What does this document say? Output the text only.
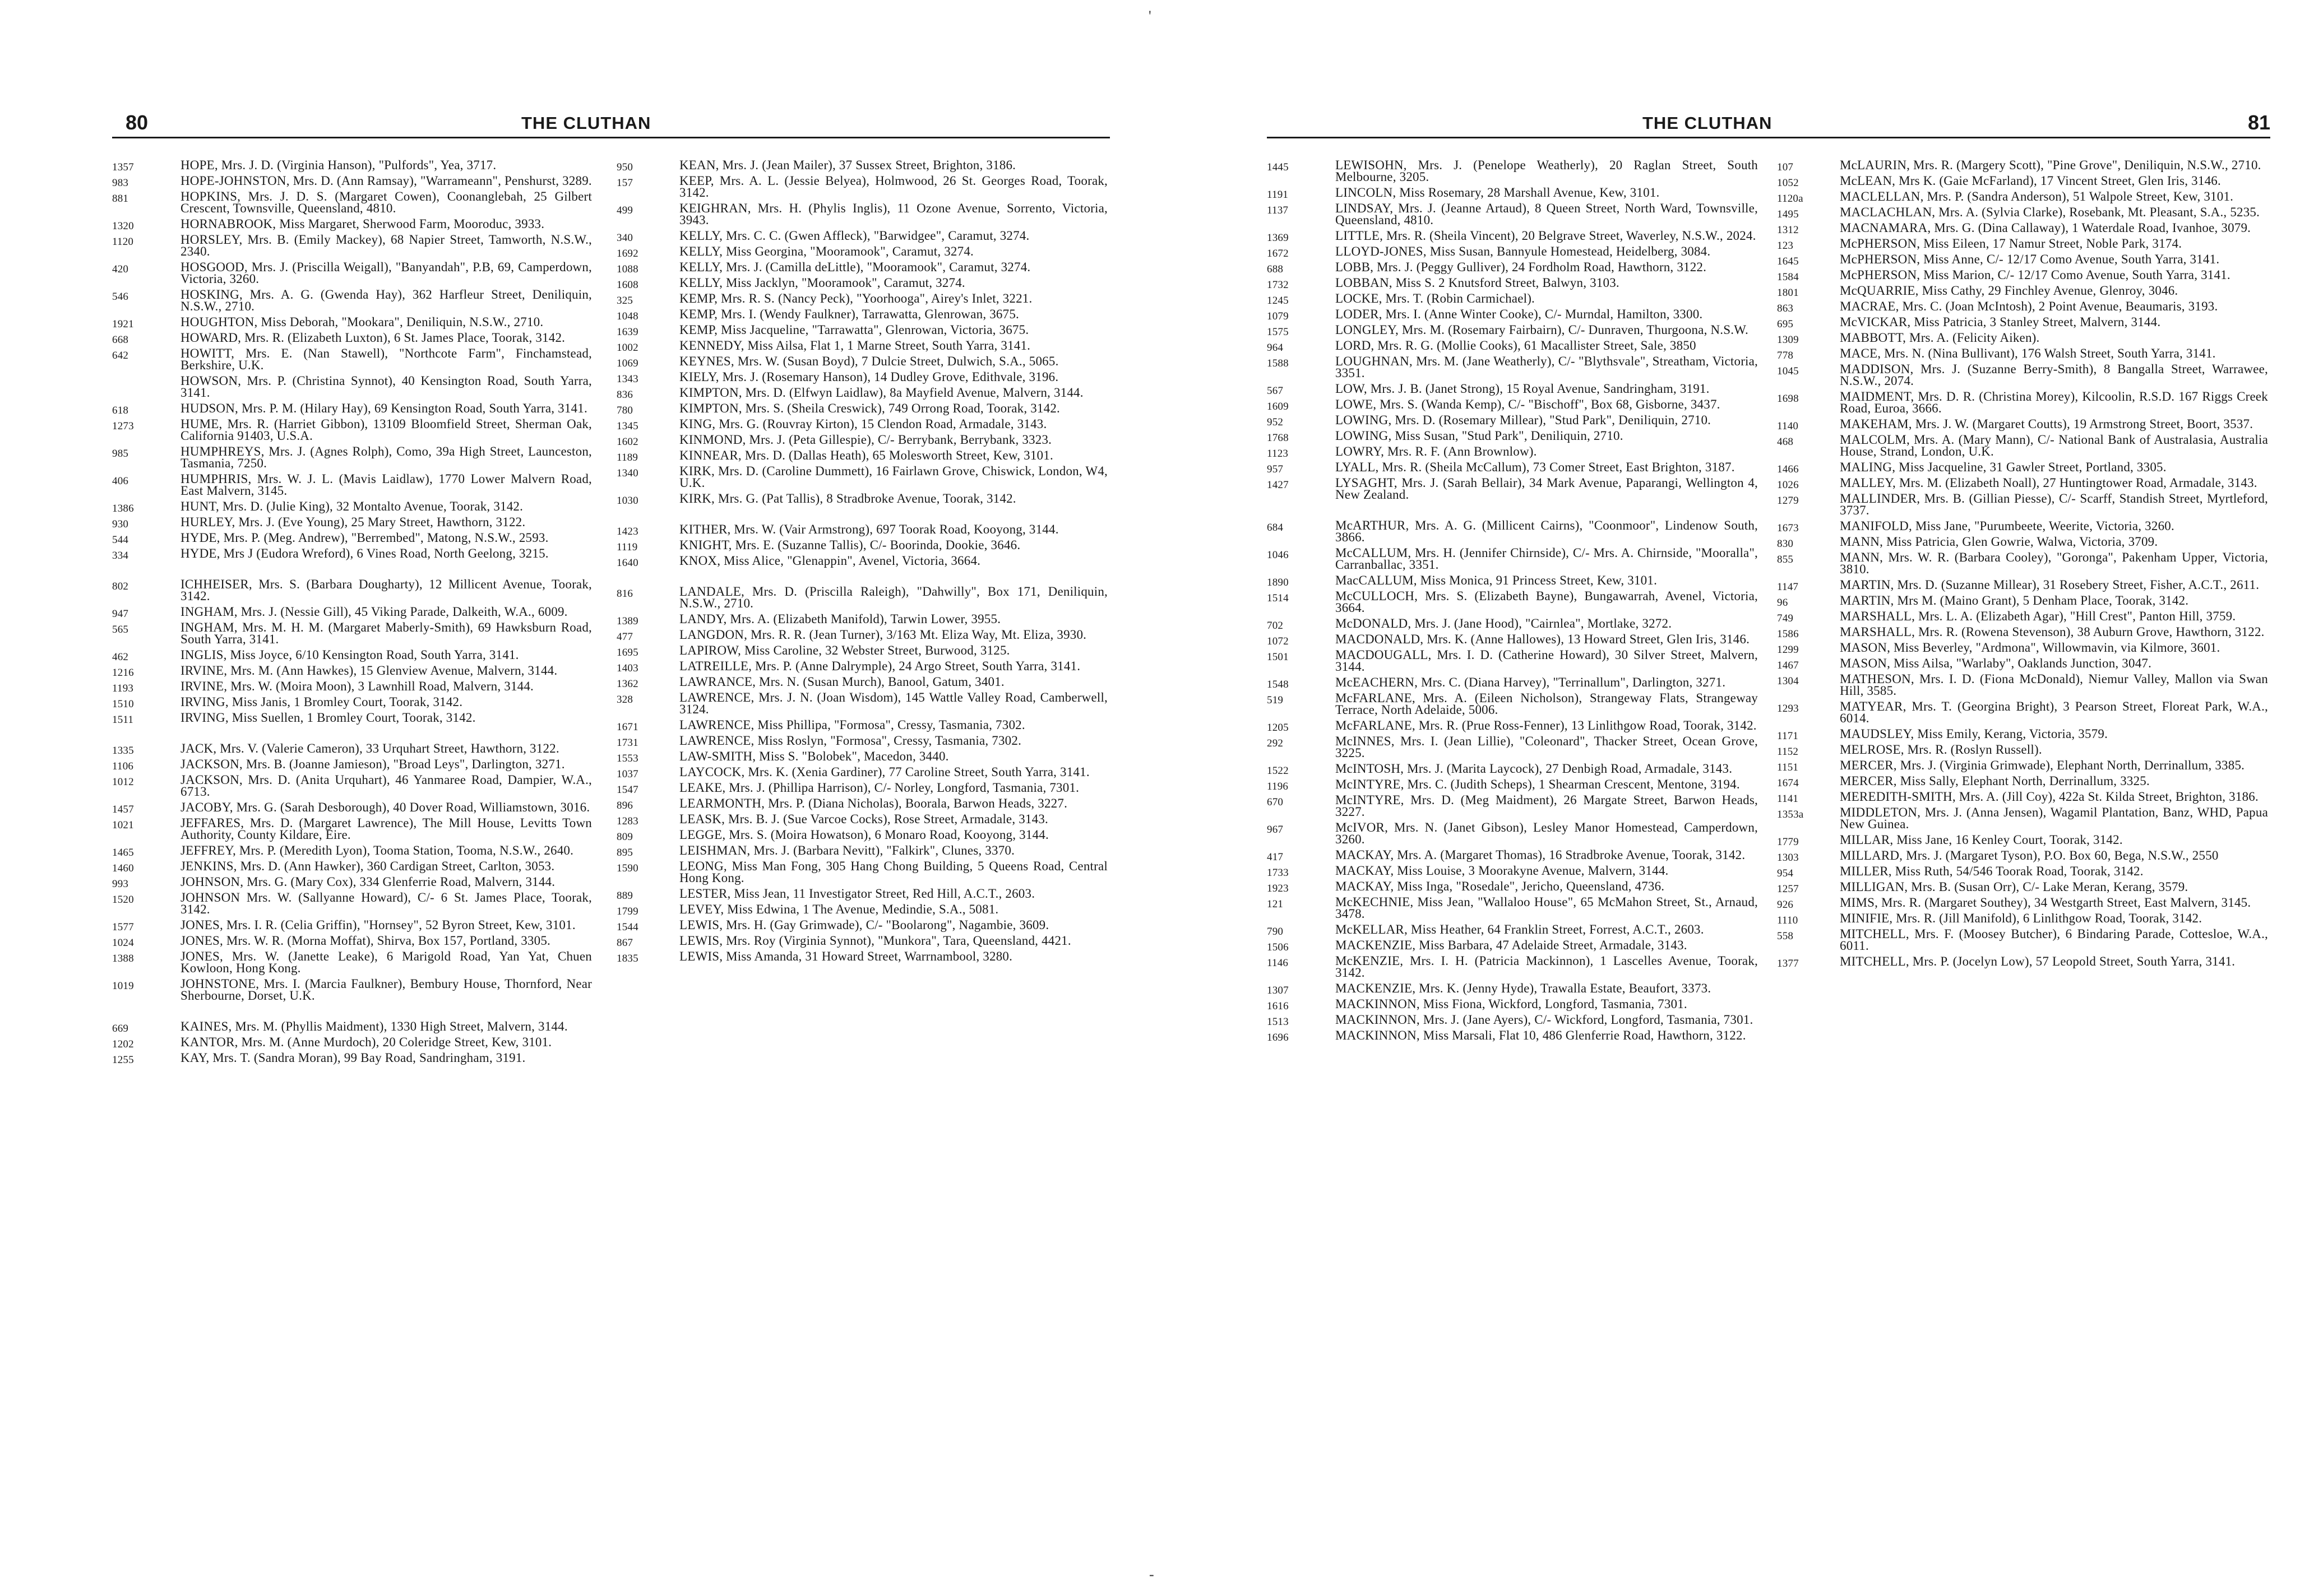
'
-
80	THE CLUTHAN
1357	HOPE, Mrs. J. D. (Virginia Hanson), "Pulfords", Yea, 3717.
983	HOPE-JOHNSTON, Mrs. D. (Ann Ramsay), "Warrameann", Penshurst, 3289.
881	HOPKINS, Mrs. J. D. S. (Margaret Cowen), Coonanglebah, 25 Gilbert Crescent, Townsville, Queensland, 4810.
1320	HORNABROOK, Miss Margaret, Sherwood Farm, Mooroduc, 3933.
1120	HORSLEY, Mrs. B. (Emily Mackey), 68 Napier Street, Tamworth, N.S.W., 2340.
420	HOSGOOD, Mrs. J. (Priscilla Weigall), "Banyandah", P.B, 69, Camperdown, Victoria, 3260.
546	HOSKING, Mrs. A. G. (Gwenda Hay), 362 Harfleur Street, Deniliquin, N.S.W., 2710.
1921	HOUGHTON, Miss Deborah, "Mookara", Deniliquin, N.S.W., 2710.
668	HOWARD, Mrs. R. (Elizabeth Luxton), 6 St. James Place, Toorak, 3142.
642	HOWITT, Mrs. E. (Nan Stawell), "Northcote Farm", Finchamstead, Berkshire, U.K.
HOWSON, Mrs. P. (Christina Synnot), 40 Kensington Road, South Yarra, 3141.
618	HUDSON, Mrs. P. M. (Hilary Hay), 69 Kensington Road, South Yarra, 3141.
1273	HUME, Mrs. R. (Harriet Gibbon), 13109 Bloomfield Street, Sherman Oak, California 91403, U.S.A.
985	HUMPHREYS, Mrs. J. (Agnes Rolph), Como, 39a High Street, Launceston, Tasmania, 7250.
406	HUMPHRIS, Mrs. W. J. L. (Mavis Laidlaw), 1770 Lower Malvern Road, East Malvern, 3145.
1386	HUNT, Mrs. D. (Julie King), 32 Montalto Avenue, Toorak, 3142.
930	HURLEY, Mrs. J. (Eve Young), 25 Mary Street, Hawthorn, 3122.
544	HYDE, Mrs. P. (Meg. Andrew), "Berrembed", Matong, N.S.W., 2593.
334	HYDE, Mrs J (Eudora Wreford), 6 Vines Road, North Geelong, 3215.
802	ICHHEISER, Mrs. S. (Barbara Dougharty), 12 Millicent Avenue, Toorak, 3142.
947	INGHAM, Mrs. J. (Nessie Gill), 45 Viking Parade, Dalkeith, W.A., 6009.
565	INGHAM, Mrs. M. H. M. (Margaret Maberly-Smith), 69 Hawksburn Road, South Yarra, 3141.
462	INGLIS, Miss Joyce, 6/10 Kensington Road, South Yarra, 3141.
1216	IRVINE, Mrs. M. (Ann Hawkes), 15 Glenview Avenue, Malvern, 3144.
1193	IRVINE, Mrs. W. (Moira Moon), 3 Lawnhill Road, Malvern, 3144.
1510	IRVING, Miss Janis, 1 Bromley Court, Toorak, 3142.
1511	IRVING, Miss Suellen, 1 Bromley Court, Toorak, 3142.
1335	JACK, Mrs. V. (Valerie Cameron), 33 Urquhart Street, Hawthorn, 3122.
1106	JACKSON, Mrs. B. (Joanne Jamieson), "Broad Leys", Darlington, 3271.
1012	JACKSON, Mrs. D. (Anita Urquhart), 46 Yanmaree Road, Dampier, W.A., 6713.
1457	JACOBY, Mrs. G. (Sarah Desborough), 40 Dover Road, Williamstown, 3016.
1021	JEFFARES, Mrs. D. (Margaret Lawrence), The Mill House, Levitts Town Authority, County Kildare, Eire.
1465	JEFFREY, Mrs. P. (Meredith Lyon), Tooma Station, Tooma, N.S.W., 2640.
1460	JENKINS, Mrs. D. (Ann Hawker), 360 Cardigan Street, Carlton, 3053.
993	JOHNSON, Mrs. G. (Mary Cox), 334 Glenferrie Road, Malvern, 3144.
1520	JOHNSON Mrs. W. (Sallyanne Howard), C/- 6 St. James Place, Toorak, 3142.
1577	JONES, Mrs. I. R. (Celia Griffin), "Hornsey", 52 Byron Street, Kew, 3101.
1024	JONES, Mrs. W. R. (Morna Moffat), Shirva, Box 157, Portland, 3305.
1388	JONES, Mrs. W. (Janette Leake), 6 Marigold Road, Yan Yat, Chuen Kowloon, Hong Kong.
1019	JOHNSTONE, Mrs. I. (Marcia Faulkner), Bembury House, Thornford, Near Sherbourne, Dorset, U.K.
669	KAINES, Mrs. M. (Phyllis Maidment), 1330 High Street, Malvern, 3144.
1202	KANTOR, Mrs. M. (Anne Murdoch), 20 Coleridge Street, Kew, 3101.
1255	KAY, Mrs. T. (Sandra Moran), 99 Bay Road, Sandringham, 3191.
950	KEAN, Mrs. J. (Jean Mailer), 37 Sussex Street, Brighton, 3186.
157	KEEP, Mrs. A. L. (Jessie Belyea), Holmwood, 26 St. Georges Road, Toorak, 3142.
499	KEIGHRAN, Mrs. H. (Phylis Inglis), 11 Ozone Avenue, Sorrento, Victoria, 3943.
340	KELLY, Mrs. C. C. (Gwen Affleck), "Barwidgee", Caramut, 3274.
1692	KELLY, Miss Georgina, "Mooramook", Caramut, 3274.
1088	KELLY, Mrs. J. (Camilla deLittle), "Mooramook", Caramut, 3274.
1608	KELLY, Miss Jacklyn, "Mooramook", Caramut, 3274.
325	KEMP, Mrs. R. S. (Nancy Peck), "Yoorhooga", Airey's Inlet, 3221.
1048	KEMP, Mrs. I. (Wendy Faulkner), Tarrawatta, Glenrowan, 3675.
1639	KEMP, Miss Jacqueline, "Tarrawatta", Glenrowan, Victoria, 3675.
1002	KENNEDY, Miss Ailsa, Flat 1, 1 Marne Street, South Yarra, 3141.
1069	KEYNES, Mrs. W. (Susan Boyd), 7 Dulcie Street, Dulwich, S.A., 5065.
1343	KIELY, Mrs. J. (Rosemary Hanson), 14 Dudley Grove, Edithvale, 3196.
836	KIMPTON, Mrs. D. (Elfwyn Laidlaw), 8a Mayfield Avenue, Malvern, 3144.
780	KIMPTON, Mrs. S. (Sheila Creswick), 749 Orrong Road, Toorak, 3142.
1345	KING, Mrs. G. (Rouvray Kirton), 15 Clendon Road, Armadale, 3143.
1602	KINMOND, Mrs. J. (Peta Gillespie), C/- Berrybank, Berrybank, 3323.
1189	KINNEAR, Mrs. D. (Dallas Heath), 65 Molesworth Street, Kew, 3101.
1340	KIRK, Mrs. D. (Caroline Dummett), 16 Fairlawn Grove, Chiswick, London, W4, U.K.
1030	KIRK, Mrs. G. (Pat Tallis), 8 Stradbroke Avenue, Toorak, 3142.
1423	KITHER, Mrs. W. (Vair Armstrong), 697 Toorak Road, Kooyong, 3144.
1119	KNIGHT, Mrs. E. (Suzanne Tallis), C/- Boorinda, Dookie, 3646.
1640	KNOX, Miss Alice, "Glenappin", Avenel, Victoria, 3664.
816	LANDALE, Mrs. D. (Priscilla Raleigh), "Dahwilly", Box 171, Deniliquin, N.S.W., 2710.
1389	LANDY, Mrs. A. (Elizabeth Manifold), Tarwin Lower, 3955.
477	LANGDON, Mrs. R. R. (Jean Turner), 3/163 Mt. Eliza Way, Mt. Eliza, 3930.
1695	LAPIROW, Miss Caroline, 32 Webster Street, Burwood, 3125.
1403	LATREILLE, Mrs. P. (Anne Dalrymple), 24 Argo Street, South Yarra, 3141.
1362	LAWRANCE, Mrs. N. (Susan Murch), Banool, Gatum, 3401.
328	LAWRENCE, Mrs. J. N. (Joan Wisdom), 145 Wattle Valley Road, Camberwell, 3124.
1671	LAWRENCE, Miss Phillipa, "Formosa", Cressy, Tasmania, 7302.
1731	LAWRENCE, Miss Roslyn, "Formosa", Cressy, Tasmania, 7302.
1553	LAW-SMITH, Miss S. "Bolobek", Macedon, 3440.
1037	LAYCOCK, Mrs. K. (Xenia Gardiner), 77 Caroline Street, South Yarra, 3141.
1547	LEAKE, Mrs. J. (Phillipa Harrison), C/- Norley, Longford, Tasmania, 7301.
896	LEARMONTH, Mrs. P. (Diana Nicholas), Boorala, Barwon Heads, 3227.
1283	LEASK, Mrs. B. J. (Sue Varcoe Cocks), Rose Street, Armadale, 3143.
809	LEGGE, Mrs. S. (Moira Howatson), 6 Monaro Road, Kooyong, 3144.
895	LEISHMAN, Mrs. J. (Barbara Nevitt), "Falkirk", Clunes, 3370.
1590	LEONG, Miss Man Fong, 305 Hang Chong Building, 5 Queens Road, Central Hong Kong.
889	LESTER, Miss Jean, 11 Investigator Street, Red Hill, A.C.T., 2603.
1799	LEVEY, Miss Edwina, 1 The Avenue, Medindie, S.A., 5081.
1544	LEWIS, Mrs. H. (Gay Grimwade), C/- "Boolarong", Nagambie, 3609.
867	LEWIS, Mrs. Roy (Virginia Synnot), "Munkora", Tara, Queensland, 4421.
1835	LEWIS, Miss Amanda, 31 Howard Street, Warrnambool, 3280.
THE CLUTHAN	81
1445	LEWISOHN, Mrs. J. (Penelope Weatherly), 20 Raglan Street, South Melbourne, 3205.
1191	LINCOLN, Miss Rosemary, 28 Marshall Avenue, Kew, 3101.
1137	LINDSAY, Mrs. J. (Jeanne Artaud), 8 Queen Street, North Ward, Townsville, Queensland, 4810.
1369	LITTLE, Mrs. R. (Sheila Vincent), 20 Belgrave Street, Waverley, N.S.W., 2024.
1672	LLOYD-JONES, Miss Susan, Bannyule Homestead, Heidelberg, 3084.
688	LOBB, Mrs. J. (Peggy Gulliver), 24 Fordholm Road, Hawthorn, 3122.
1732	LOBBAN, Miss S. 2 Knutsford Street, Balwyn, 3103.
1245	LOCKE, Mrs. T. (Robin Carmichael).
1079	LODER, Mrs. I. (Anne Winter Cooke), C/- Murndal, Hamilton, 3300.
1575	LONGLEY, Mrs. M. (Rosemary Fairbairn), C/- Dunraven, Thurgoona, N.S.W.
964	LORD, Mrs. R. G. (Mollie Cooks), 61 Macallister Street, Sale, 3850
1588	LOUGHNAN, Mrs. M. (Jane Weatherly), C/- "Blythsvale", Streatham, Victoria, 3351.
567	LOW, Mrs. J. B. (Janet Strong), 15 Royal Avenue, Sandringham, 3191.
1609	LOWE, Mrs. S. (Wanda Kemp), C/- "Bischoff", Box 68, Gisborne, 3437.
952	LOWING, Mrs. D. (Rosemary Millear), "Stud Park", Deniliquin, 2710.
1768	LOWING, Miss Susan, "Stud Park", Deniliquin, 2710.
1123	LOWRY, Mrs. R. F. (Ann Brownlow).
957	LYALL, Mrs. R. (Sheila McCallum), 73 Comer Street, East Brighton, 3187.
1427	LYSAGHT, Mrs. J. (Sarah Bellair), 34 Mark Avenue, Paparangi, Wellington 4, New Zealand.
684	McARTHUR, Mrs. A. G. (Millicent Cairns), "Coonmoor", Lindenow South, 3866.
1046	McCALLUM, Mrs. H. (Jennifer Chirnside), C/- Mrs. A. Chirnside, "Mooralla", Carranballac, 3351.
1890	MacCALLUM, Miss Monica, 91 Princess Street, Kew, 3101.
1514	McCULLOCH, Mrs. S. (Elizabeth Bayne), Bungawarrah, Avenel, Victoria, 3664.
702	McDONALD, Mrs. J. (Jane Hood), "Cairnlea", Mortlake, 3272.
1072	MACDONALD, Mrs. K. (Anne Hallowes), 13 Howard Street, Glen Iris, 3146.
1501	MACDOUGALL, Mrs. I. D. (Catherine Howard), 30 Silver Street, Malvern, 3144.
1548	McEACHERN, Mrs. C. (Diana Harvey), "Terrinallum", Darlington, 3271.
519	McFARLANE, Mrs. A. (Eileen Nicholson), Strangeway Flats, Strangeway Terrace, North Adelaide, 5006.
1205	McFARLANE, Mrs. R. (Prue Ross-Fenner), 13 Linlithgow Road, Toorak, 3142.
292	McINNES, Mrs. I. (Jean Lillie), "Coleonard", Thacker Street, Ocean Grove, 3225.
1522	McINTOSH, Mrs. J. (Marita Laycock), 27 Denbigh Road, Armadale, 3143.
1196	McINTYRE, Mrs. C. (Judith Scheps), 1 Shearman Crescent, Mentone, 3194.
670	McINTYRE, Mrs. D. (Meg Maidment), 26 Margate Street, Barwon Heads, 3227.
967	McIVOR, Mrs. N. (Janet Gibson), Lesley Manor Homestead, Camperdown, 3260.
417	MACKAY, Mrs. A. (Margaret Thomas), 16 Stradbroke Avenue, Toorak, 3142.
1733	MACKAY, Miss Louise, 3 Moorakyne Avenue, Malvern, 3144.
1923	MACKAY, Miss Inga, "Rosedale", Jericho, Queensland, 4736.
121	McKECHNIE, Miss Jean, "Wallaloo House", 65 McMahon Street, St., Arnaud, 3478.
790	McKELLAR, Miss Heather, 64 Franklin Street, Forrest, A.C.T., 2603.
1506	MACKENZIE, Miss Barbara, 47 Adelaide Street, Armadale, 3143.
1146	McKENZIE, Mrs. I. H. (Patricia Mackinnon), 1 Lascelles Avenue, Toorak, 3142.
1307	MACKENZIE, Mrs. K. (Jenny Hyde), Trawalla Estate, Beaufort, 3373.
1616	MACKINNON, Miss Fiona, Wickford, Longford, Tasmania, 7301.
1513	MACKINNON, Mrs. J. (Jane Ayers), C/- Wickford, Longford, Tasmania, 7301.
1696	MACKINNON, Miss Marsali, Flat 10, 486 Glenferrie Road, Hawthorn, 3122.
107	McLAURIN, Mrs. R. (Margery Scott), "Pine Grove", Deniliquin, N.S.W., 2710.
1052	McLEAN, Mrs K. (Gaie McFarland), 17 Vincent Street, Glen Iris, 3146.
1120a	MACLELLAN, Mrs. P. (Sandra Anderson), 51 Walpole Street, Kew, 3101.
1495	MACLACHLAN, Mrs. A. (Sylvia Clarke), Rosebank, Mt. Pleasant, S.A., 5235.
1312	MACNAMARA, Mrs. G. (Dina Callaway), 1 Waterdale Road, Ivanhoe, 3079.
123	McPHERSON, Miss Eileen, 17 Namur Street, Noble Park, 3174.
1645	McPHERSON, Miss Anne, C/- 12/17 Como Avenue, South Yarra, 3141.
1584	McPHERSON, Miss Marion, C/- 12/17 Como Avenue, South Yarra, 3141.
1801	McQUARRIE, Miss Cathy, 29 Finchley Avenue, Glenroy, 3046.
863	MACRAE, Mrs. C. (Joan McIntosh), 2 Point Avenue, Beaumaris, 3193.
695	McVICKAR, Miss Patricia, 3 Stanley Street, Malvern, 3144.
1309	MABBOTT, Mrs. A. (Felicity Aiken).
778	MACE, Mrs. N. (Nina Bullivant), 176 Walsh Street, South Yarra, 3141.
1045	MADDISON, Mrs. J. (Suzanne Berry-Smith), 8 Bangalla Street, Warrawee, N.S.W., 2074.
1698	MAIDMENT, Mrs. D. R. (Christina Morey), Kilcoolin, R.S.D. 167 Riggs Creek Road, Euroa, 3666.
1140	MAKEHAM, Mrs. J. W. (Margaret Coutts), 19 Armstrong Street, Boort, 3537.
468	MALCOLM, Mrs. A. (Mary Mann), C/- National Bank of Australasia, Australia House, Strand, London, U.K.
1466	MALING, Miss Jacqueline, 31 Gawler Street, Portland, 3305.
1026	MALLEY, Mrs. M. (Elizabeth Noall), 27 Huntingtower Road, Armadale, 3143.
1279	MALLINDER, Mrs. B. (Gillian Piesse), C/- Scarff, Standish Street, Myrtleford, 3737.
1673	MANIFOLD, Miss Jane, "Purumbeete, Weerite, Victoria, 3260.
830	MANN, Miss Patricia, Glen Gowrie, Walwa, Victoria, 3709.
855	MANN, Mrs. W. R. (Barbara Cooley), "Goronga", Pakenham Upper, Victoria, 3810.
1147	MARTIN, Mrs. D. (Suzanne Millear), 31 Rosebery Street, Fisher, A.C.T., 2611.
96	MARTIN, Mrs M. (Maino Grant), 5 Denham Place, Toorak, 3142.
749	MARSHALL, Mrs. L. A. (Elizabeth Agar), "Hill Crest", Panton Hill, 3759.
1586	MARSHALL, Mrs. R. (Rowena Stevenson), 38 Auburn Grove, Hawthorn, 3122.
1299	MASON, Miss Beverley, "Ardmona", Willowmavin, via Kilmore, 3601.
1467	MASON, Miss Ailsa, "Warlaby", Oaklands Junction, 3047.
1304	MATHESON, Mrs. I. D. (Fiona McDonald), Niemur Valley, Mallon via Swan Hill, 3585.
1293	MATYEAR, Mrs. T. (Georgina Bright), 3 Pearson Street, Floreat Park, W.A., 6014.
1171	MAUDSLEY, Miss Emily, Kerang, Victoria, 3579.
1152	MELROSE, Mrs. R. (Roslyn Russell).
1151	MERCER, Mrs. J. (Virginia Grimwade), Elephant North, Derrinallum, 3385.
1674	MERCER, Miss Sally, Elephant North, Derrinallum, 3325.
1141	MEREDITH-SMITH, Mrs. A. (Jill Coy), 422a St. Kilda Street, Brighton, 3186.
1353a	MIDDLETON, Mrs. J. (Anna Jensen), Wagamil Plantation, Banz, WHD, Papua New Guinea.
1779	MILLAR, Miss Jane, 16 Kenley Court, Toorak, 3142.
1303	MILLARD, Mrs. J. (Margaret Tyson), P.O. Box 60, Bega, N.S.W., 2550
954	MILLER, Miss Ruth, 54/546 Toorak Road, Toorak, 3142.
1257	MILLIGAN, Mrs. B. (Susan Orr), C/- Lake Meran, Kerang, 3579.
926	MIMS, Mrs. R. (Margaret Southey), 34 Westgarth Street, East Malvern, 3145.
1110	MINIFIE, Mrs. R. (Jill Manifold), 6 Linlithgow Road, Toorak, 3142.
558	MITCHELL, Mrs. F. (Moosey Butcher), 6 Bindaring Parade, Cottesloe, W.A., 6011.
1377	MITCHELL, Mrs. P. (Jocelyn Low), 57 Leopold Street, South Yarra, 3141.
